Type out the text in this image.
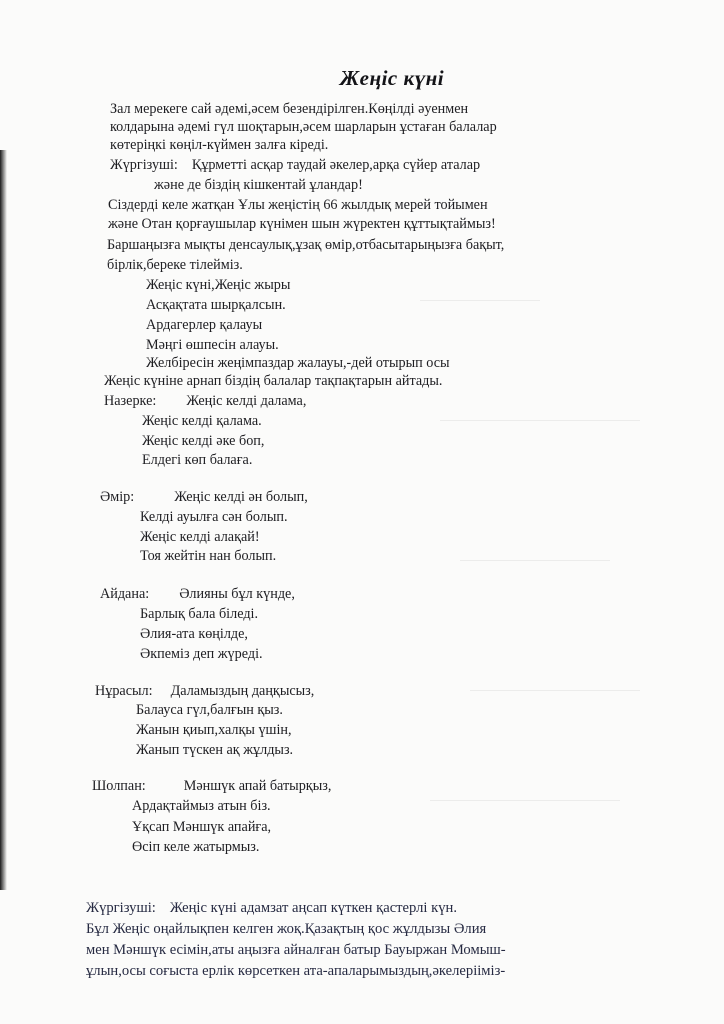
Жеңіс күні
Зал мерекеге сай әдемі,әсем безендірілген.Көңілді әуенмен
колдарына әдемі гүл шоқтарын,әсем шарларын ұстаған балалар
көтеріңкі көңіл-күймен залға кіреді.
Жүргізуші: Құрметті асқар таудай әкелер,арқа сүйер аталар
және де біздің кішкентай ұландар!
Сіздерді келе жатқан Ұлы жеңістің 66 жылдық мерей тойымен
және Отан қорғаушылар күнімен шын жүректен құттықтаймыз!
Баршаңызға мықты денсаулық,ұзақ өмір,отбасытарыңызға бақыт,
бірлік,береке тілейміз.
Жеңіс күні,Жеңіс жыры
Асқақтата шырқалсын.
Ардагерлер қалауы
Мәңгі өшпесін алауы.
Желбіресін жеңімпаздар жалауы,-дей отырып осы
Жеңіс күніне арнап біздің балалар тақпақтарын айтады.
Назерке: Жеңіс келді далама,
Жеңіс келді қалама.
Жеңіс келді әке боп,
Елдегі көп балаға.
Әмір:	Жеңіс келді ән болып,
Келді ауылға сән болып.
Жеңіс келді алақай!
Тоя жейтін нан болып.
Айдана: Әлияны бұл күнде,
Барлық бала біледі.
Әлия-ата көңілде,
Әкпеміз деп жүреді.
Нұрасыл: Даламыздың даңқысыз,
Балауса гүл,балғын қыз.
Жанын қиып,халқы үшін,
Жанып түскен ақ жұлдыз.
Шолпан:	Мәншүк апай батырқыз,
Ардақтаймыз атын біз.
Ұқсап Мәншүк апайға,
Өсіп келе жатырмыз.
Жүргізуші: Жеңіс күні адамзат аңсап күткен қастерлі күн.
Бұл Жеңіс оңайлықпен келген жоқ.Қазақтың қос жұлдызы Әлия
мен Мәншүк есімін,аты аңызға айналған батыр Бауыржан Момыш-
ұлын,осы соғыста ерлік көрсеткен ата-апаларымыздың,әкелерііміз-
